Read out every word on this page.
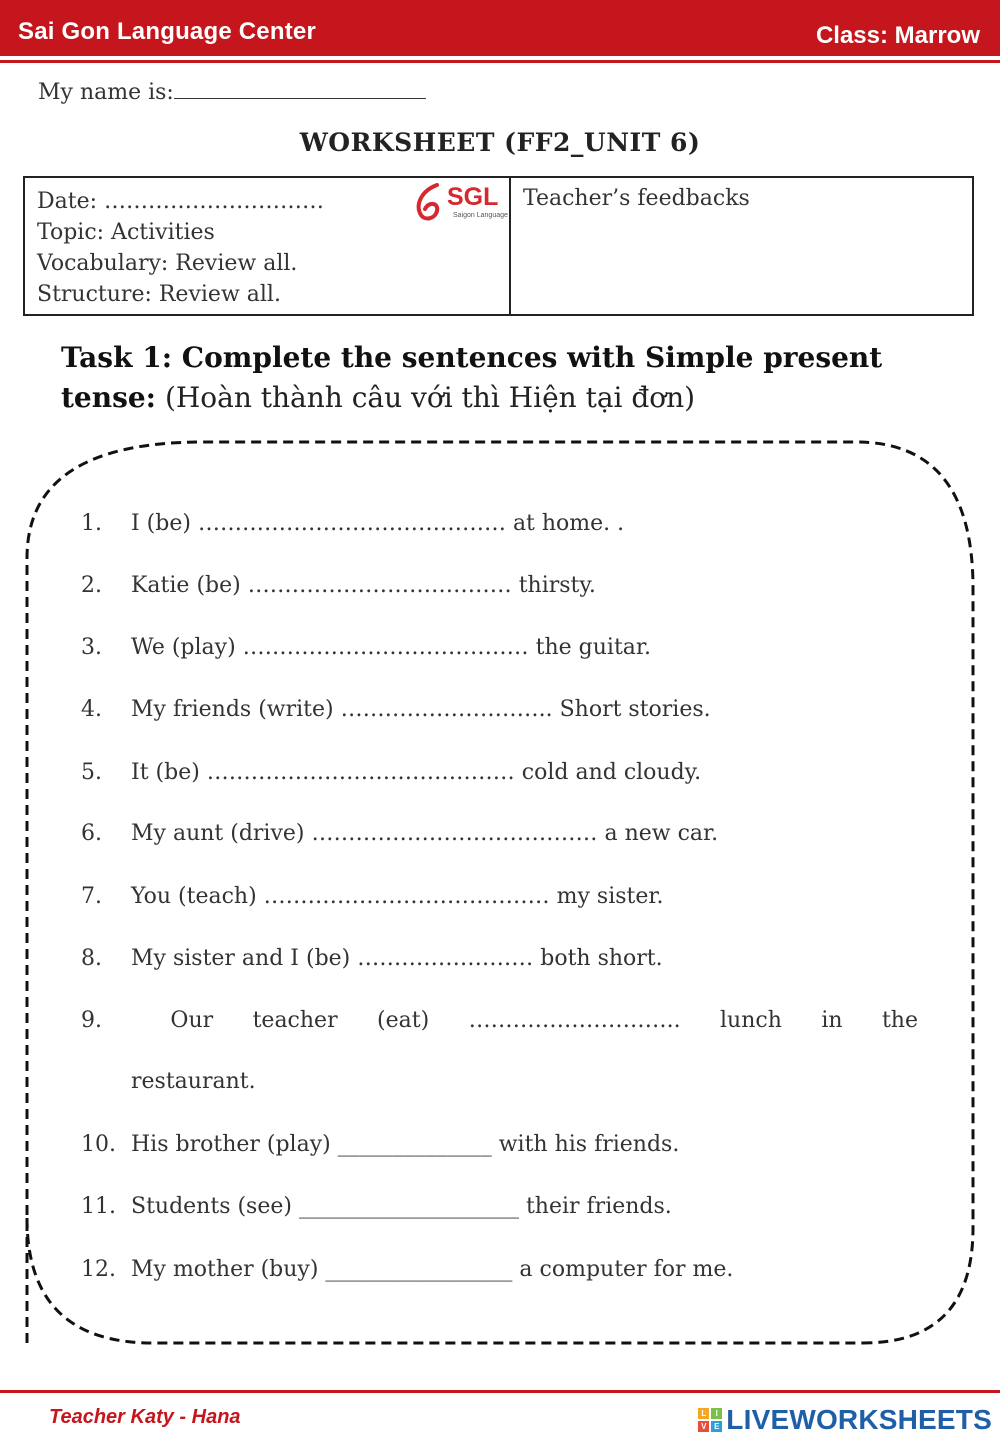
Sai Gon Language Center	Class: Marrow
My name is:
WORKSHEET (FF2_UNIT 6)
Date: …………………………
Topic: Activities
Vocabulary: Review all.
Structure: Review all.
SGL
Saigon Language
Teacher’s feedbacks
Task 1: Complete the sentences with Simple present tense: (Hoàn thành câu với thì Hiện tại đơn)
1. I (be) …………………………………… at home. .
2. Katie (be) ……………………………… thirsty.
3. We (play) ………………………………… the guitar.
4. My friends (write) ……………………….. Short stories.
5. It (be) …………………………………… cold and cloudy.
6. My aunt (drive) ………………………………… a new car.
7. You (teach) ………………………………… my sister.
8. My sister and I (be) …………………… both short.
9.	Our teacher (eat) ……………………….. lunch in the
restaurant.
10. His brother (play) ______________ with his friends.
11. Students (see) ____________________ their friends.
12. My mother (buy) _________________ a computer for me.
Teacher Katy - Hana	L	I
V E LIVEWORKSHEETS
